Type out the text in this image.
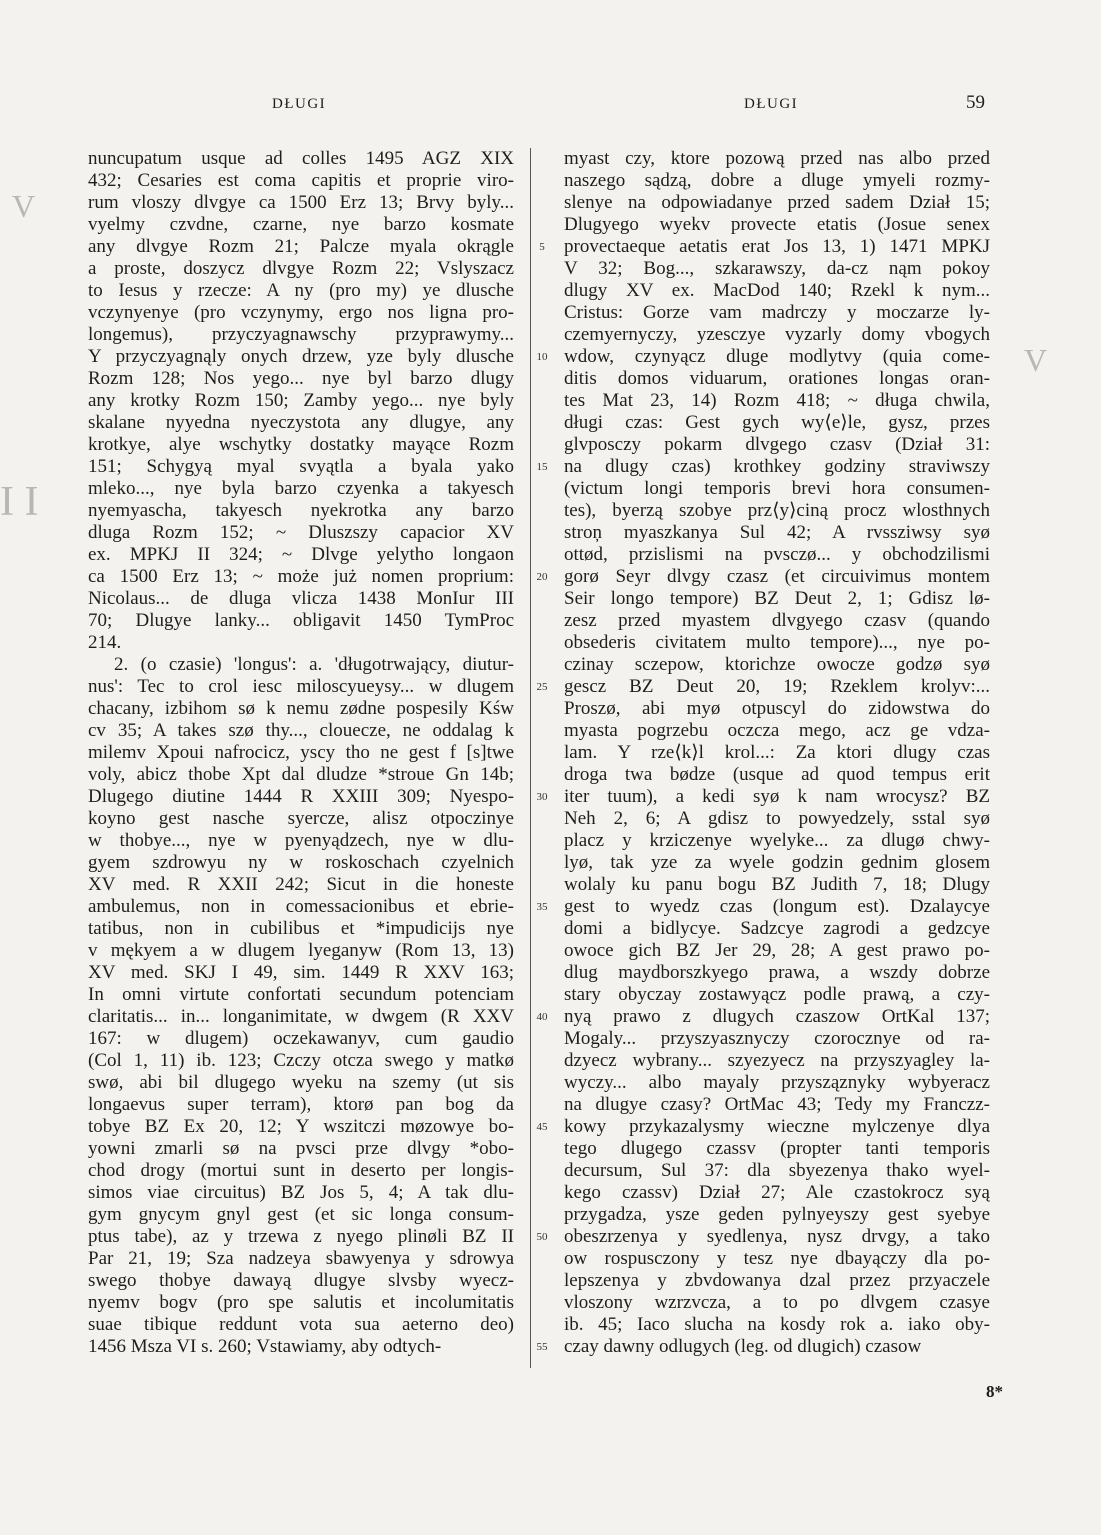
DŁUGI	DŁUGI	59
V
I I
V
nuncupatum usque ad colles 1495 AGZ XIX
432; Cesaries est coma capitis et proprie viro-
rum vloszy dlvgye ca 1500 Erz 13; Brvy byly...
vyelmy czvdne, czarne, nye barzo kosmate
any dlvgye Rozm 21; Palcze myala okrągle
a proste, doszycz dlvgye Rozm 22; Vslyszacz
to Iesus y rzecze: A ny (pro my) ye dlusche
vczynyenye (pro vczynymy, ergo nos ligna pro-
longemus), przyczyagnawschy przyprawymy...
Y przyczyagnąly onych drzew, yze byly dlusche
Rozm 128; Nos yego... nye byl barzo dlugy
any krotky Rozm 150; Zamby yego... nye byly
skalane nyyedna nyeczystota any dlugye, any
krotkye, alye wschytky dostatky mayące Rozm
151; Schygyą myal svyątla a byala yako
mleko..., nye byla barzo czyenka a takyesch
nyemyascha, takyesch nyekrotka any barzo
dluga Rozm 152; ~ Dluszszy capacior XV
ex. MPKJ II 324; ~ Dlvge yelytho longaon
ca 1500 Erz 13; ~ może już nomen proprium:
Nicolaus... de dluga vlicza 1438 MonIur III
70; Dlugye lanky... obligavit 1450 TymProc
214.
2. (o czasie) 'longus': a. 'długotrwający, diutur-
nus': Tec to crol iesc miloscyueysy... w dlugem
chacany, izbihom sø k nemu zødne pospesily Kśw
cv 35; A takes szø thy..., clouecze, ne oddalag k
milemv Xpoui nafrocicz, yscy tho ne gest f [s]twe
voly, abicz thobe Xpt dal dludze *stroue Gn 14b;
Dlugego diutine 1444 R XXIII 309; Nyespo-
koyno gest nasche syercze, alisz otpoczinye
w thobye..., nye w pyenyądzech, nye w dlu-
gyem szdrowyu ny w roskoschach czyelnich
XV med. R XXII 242; Sicut in die honeste
ambulemus, non in comessacionibus et ebrie-
tatibus, non in cubilibus et *impudicijs nye
v mękyem a w dlugem lyeganyw (Rom 13, 13)
XV med. SKJ I 49, sim. 1449 R XXV 163;
In omni virtute confortati secundum potenciam
claritatis... in... longanimitate, w dwgem (R XXV
167: w dlugem) oczekawanyv, cum gaudio
(Col 1, 11) ib. 123; Czczy otcza swego y matkø
swø, abi bil dlugego wyeku na szemy (ut sis
longaevus super terram), ktorø pan bog da
tobye BZ Ex 20, 12; Y wszitczi møzowye bo-
yowni zmarli sø na pvsci prze dlvgy *obo-
chod drogy (mortui sunt in deserto per longis-
simos viae circuitus) BZ Jos 5, 4; A tak dlu-
gym gnycym gnyl gest (et sic longa consum-
ptus tabe), az y trzewa z nyego plinøli BZ II
Par 21, 19; Sza nadzeya sbawyenya y sdrowya
swego thobye dawayą dlugye slvsby wyecz-
nyemv bogv (pro spe salutis et incolumitatis
suae tibique reddunt vota sua aeterno deo)
1456 Msza VI s. 260; Vstawiamy, aby odtych-
5
10
15
20
25
30
35
40
45
50
55
myast czy, ktore pozową przed nas albo przed
naszego sądzą, dobre a dluge ymyeli rozmy-
slenye na odpowiadanye przed sadem Dział 15;
Dlugyego wyekv provecte etatis (Josue senex
provectaeque aetatis erat Jos 13, 1) 1471 MPKJ
V 32; Bog..., szkarawszy, da-cz nąm pokoy
dlugy XV ex. MacDod 140; Rzekl k nym...
Cristus: Gorze vam madrczy y moczarze ly-
czemyernyczy, yzesczye vyzarly domy vbogych
wdow, czynyącz dluge modlytvy (quia come-
ditis domos viduarum, orationes longas oran-
tes Mat 23, 14) Rozm 418; ~ długa chwila,
długi czas: Gest gych wy⟨e⟩le, gysz, przes
glvposczy pokarm dlvgego czasv (Dział 31:
na dlugy czas) krothkey godziny straviwszy
(victum longi temporis brevi hora consumen-
tes), byerzą szobye prz⟨y⟩ciną procz wlosthnych
stroņ myaszkanya Sul 42; A rvssziwsy syø
ottød, przislismi na pvsczø... y obchodzilismi
gorø Seyr dlvgy czasz (et circuivimus montem
Seir longo tempore) BZ Deut 2, 1; Gdisz lø-
zesz przed myastem dlvgyego czasv (quando
obsederis civitatem multo tempore)..., nye po-
czinay sczepow, ktorichze owocze godzø syø
gescz BZ Deut 20, 19; Rzeklem krolyv:...
Proszø, abi myø otpuscyl do zidowstwa do
myasta pogrzebu oczcza mego, acz ge vdza-
lam. Y rze⟨k⟩l krol...: Za ktori dlugy czas
droga twa bødze (usque ad quod tempus erit
iter tuum), a kedi syø k nam wrocysz? BZ
Neh 2, 6; A gdisz to powyedzely, sstal syø
placz y krziczenye wyelyke... za dlugø chwy-
lyø, tak yze za wyele godzin gednim glosem
wolaly ku panu bogu BZ Judith 7, 18; Dlugy
gest to wyedz czas (longum est). Dzalaycye
domi a bidlycye. Sadzcye zagrodi a gedzcye
owoce gich BZ Jer 29, 28; A gest prawo po-
dlug maydborszkyego prawa, a wszdy dobrze
stary obyczay zostawyącz podle prawą, a czy-
nyą prawo z dlugych czaszow OrtKal 137;
Mogaly... przyszyasznyczy czorocznye od ra-
dzyecz wybrany... szyezyecz na przyszyagley la-
wyczy... albo mayaly przysząznyky wybyeracz
na dlugye czasy? OrtMac 43; Tedy my Franczz-
kowy przykazalysmy wieczne mylczenye dlya
tego dlugego czassv (propter tanti temporis
decursum, Sul 37: dla sbyezenya thako wyel-
kego czassv) Dział 27; Ale czastokrocz syą
przygadza, ysze geden pylnyeyszy gest syebye
obeszrzenya y syedlenya, nysz drvgy, a tako
ow rospusczony y tesz nye dbayączy dla po-
lepszenya y zbvdowanya dzal przez przyaczele
vloszony wzrzvcza, a to po dlvgem czasye
ib. 45; Iaco slucha na kosdy rok a. iako oby-
czay dawny odlugych (leg. od dlugich) czasow
8*
